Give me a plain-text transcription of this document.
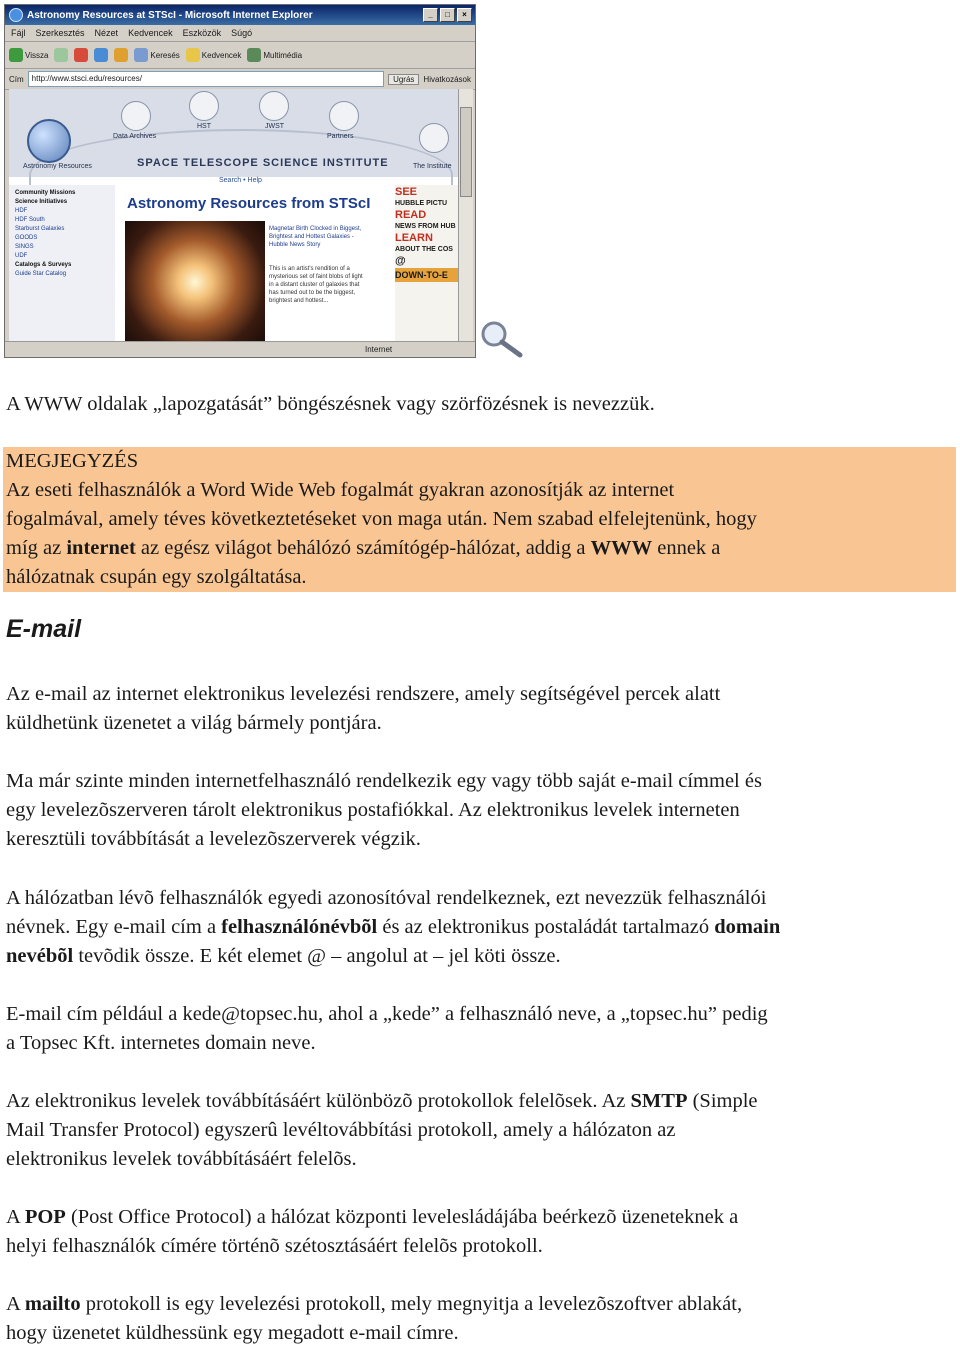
Astronomy Resources at STScI - Microsoft Internet Explorer	_	□	×
Fájl Szerkesztés Nézet Kedvencek Eszközök Súgó
Vissza	Keresés	Kedvencek	Multimédia
Cím	http://www.stsci.edu/resources/	Ugrás	Hivatkozások
Data Archives
HST	JWST
Partners
Astronomy Resources	The Institute
SPACE TELESCOPE SCIENCE INSTITUTE
Search • Help
Community Missions
Science Initiatives
HDF
HDF South
Starburst Galaxies
GOODS
SINGS
UDF
Catalogs & Surveys
Guide Star Catalog
Astronomy Resources from STScI
Magnetar Birth Clocked in Biggest, Brightest and Hottest Galaxies - Hubble News Story
This is an artist's rendition of a mysterious set of faint blobs of light in a distant cluster of galaxies that has turned out to be the biggest, brightest and hottest...
SEE
HUBBLE PICTU
READ
NEWS FROM HUB
LEARN
ABOUT THE COS
@
DOWN-TO-E
Internet

A WWW oldalak „lapozgatását” böngészésnek vagy szörfözésnek is nevezzük.

MEGJEGYZÉS

Az eseti felhasználók a Word Wide Web fogalmát gyakran azonosítják az internet

fogalmával, amely téves következtetéseket von maga után. Nem szabad elfelejtenünk, hogy

míg az internet az egész világot behálózó számítógép-hálózat, addig a WWW ennek a

hálózatnak csupán egy szolgáltatása.

E-mail

Az e-mail az internet elektronikus levelezési rendszere, amely segítségével percek alatt

küldhetünk üzenetet a világ bármely pontjára.

Ma már szinte minden internetfelhasználó rendelkezik egy vagy több saját e-mail címmel és

egy levelezõszerveren tárolt elektronikus postafiókkal. Az elektronikus levelek interneten

keresztüli továbbítását a levelezõszerverek végzik.

A hálózatban lévõ felhasználók egyedi azonosítóval rendelkeznek, ezt nevezzük felhasználói

névnek. Egy e-mail cím a felhasználónévbõl és az elektronikus postaládát tartalmazó domain

nevébõl tevõdik össze. E két elemet @ – angolul at – jel köti össze.

E-mail cím például a kede@topsec.hu, ahol a „kede” a felhasználó neve, a „topsec.hu” pedig

a Topsec Kft. internetes domain neve.

Az elektronikus levelek továbbításáért különbözõ protokollok felelõsek. Az SMTP (Simple

Mail Transfer Protocol) egyszerû levéltovábbítási protokoll, amely a hálózaton az

elektronikus levelek továbbításáért felelõs.

A POP (Post Office Protocol) a hálózat központi levelesládájába beérkezõ üzeneteknek a

helyi felhasználók címére történõ szétosztásáért felelõs protokoll.

A mailto protokoll is egy levelezési protokoll, mely megnyitja a levelezõszoftver ablakát,

hogy üzenetet küldhessünk egy megadott e-mail címre.
